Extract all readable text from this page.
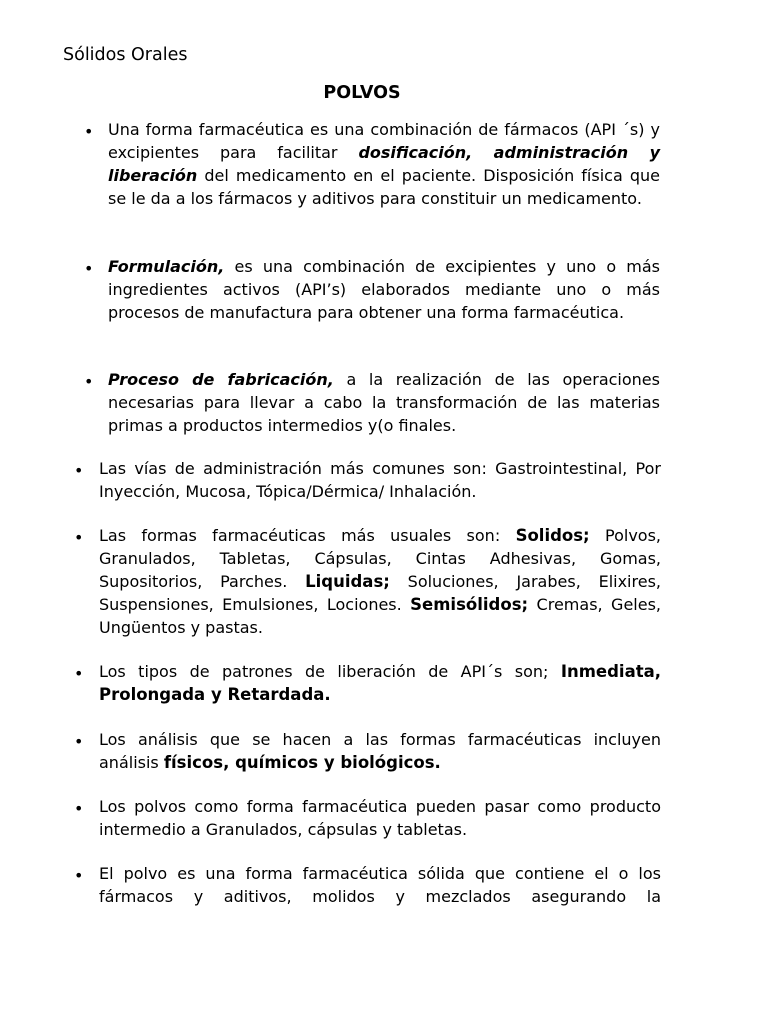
Sólidos Orales
POLVOS
• Una forma farmacéutica es una combinación de fármacos (API ´s) y excipientes para facilitar dosificación, administración y liberación del medicamento en el paciente. Disposición física que se le da a los fármacos y aditivos para constituir un medicamento.
• Formulación, es una combinación de excipientes y uno o más ingredientes activos (API’s) elaborados mediante uno o más procesos de manufactura para obtener una forma farmacéutica.
• Proceso de fabricación, a la realización de las operaciones necesarias para llevar a cabo la transformación de las materias primas a productos intermedios y(o finales.
• Las vías de administración más comunes son: Gastrointestinal, Por Inyección, Mucosa, Tópica/Dérmica/ Inhalación.
• Las formas farmacéuticas más usuales son: Solidos; Polvos, Granulados, Tabletas, Cápsulas, Cintas Adhesivas, Gomas, Supositorios, Parches. Liquidas; Soluciones, Jarabes, Elixires, Suspensiones, Emulsiones, Lociones. Semisólidos; Cremas, Geles, Ungüentos y pastas.
• Los tipos de patrones de liberación de API´s son; Inmediata, Prolongada y Retardada.
• Los análisis que se hacen a las formas farmacéuticas incluyen análisis físicos, químicos y biológicos.
• Los polvos como forma farmacéutica pueden pasar como producto intermedio a Granulados, cápsulas y tabletas.
• El polvo es una forma farmacéutica sólida que contiene el o los fármacos y aditivos, molidos y mezclados asegurando la
